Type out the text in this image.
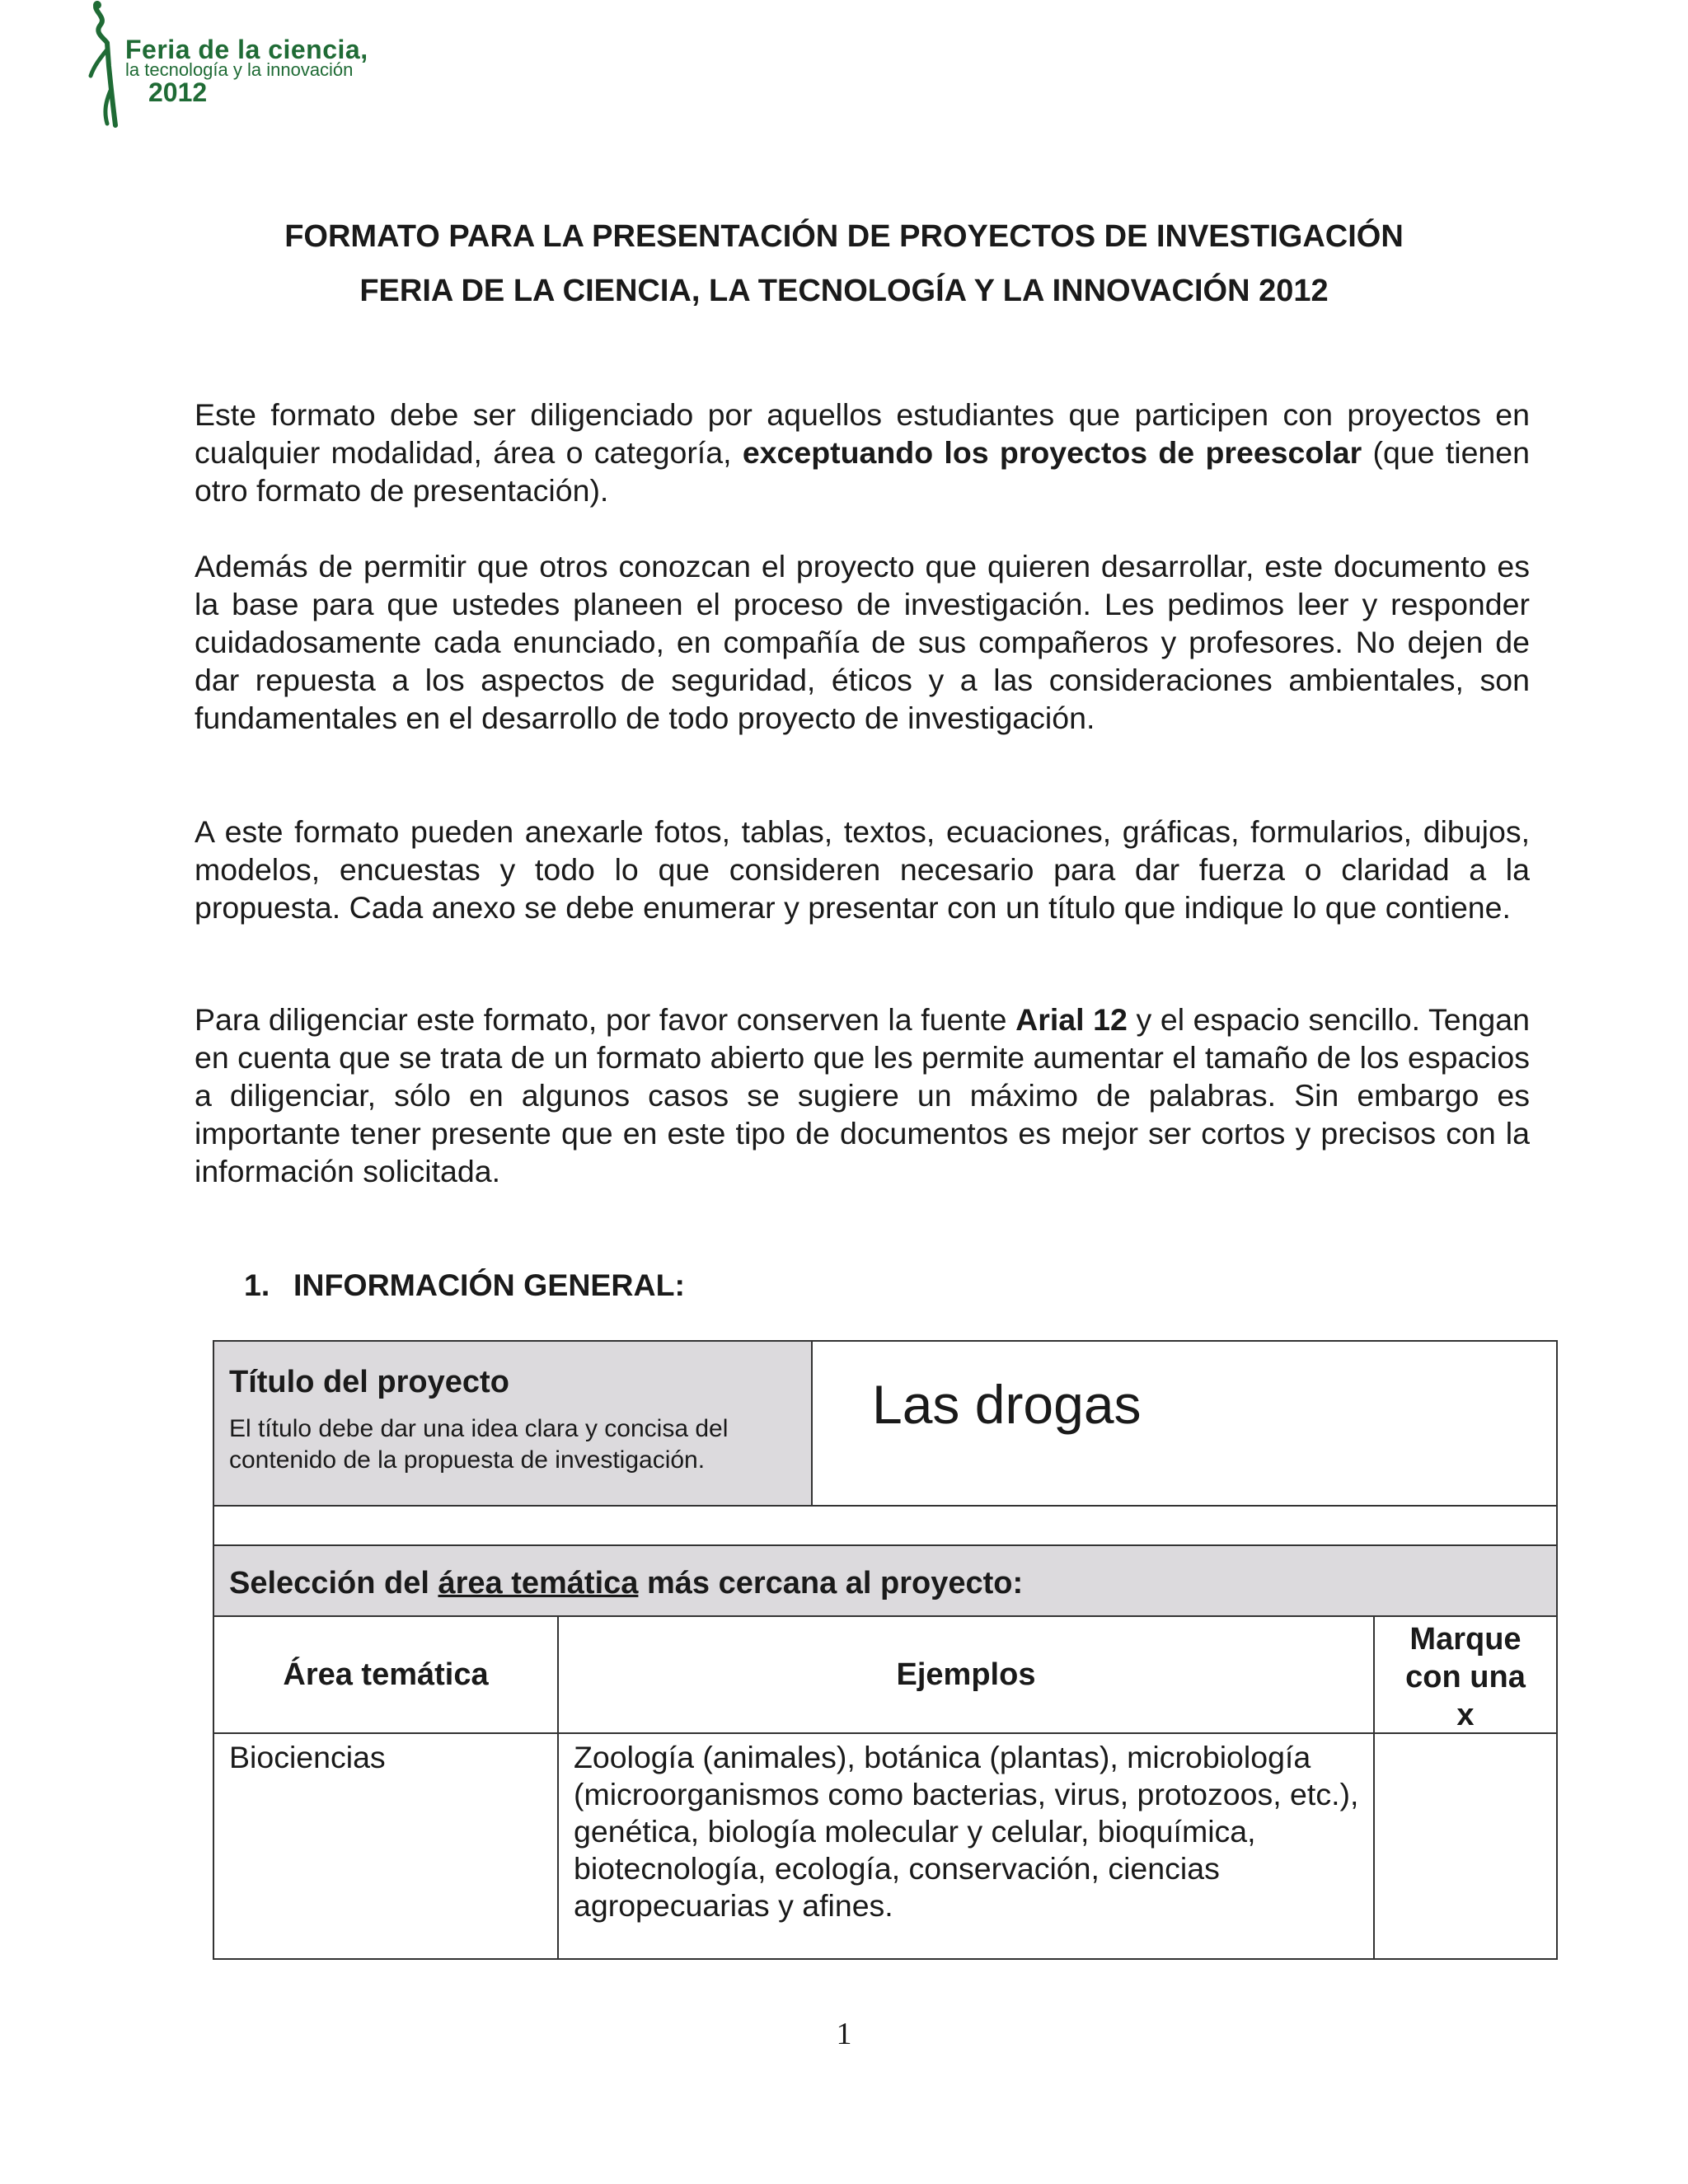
Feria de la ciencia,
la tecnología y la innovación
2012
FORMATO PARA LA PRESENTACIÓN DE PROYECTOS DE INVESTIGACIÓN
FERIA DE LA CIENCIA, LA TECNOLOGÍA Y LA INNOVACIÓN 2012
Este formato debe ser diligenciado por aquellos estudiantes que participen con proyectos en cualquier modalidad, área o categoría, exceptuando los proyectos de preescolar (que tienen otro formato de presentación).
Además de permitir que otros conozcan el proyecto que quieren desarrollar, este documento es la base para que ustedes planeen el proceso de investigación. Les pedimos leer y responder cuidadosamente cada enunciado, en compañía de sus compañeros y profesores. No dejen de dar repuesta a los aspectos de seguridad, éticos y a las consideraciones ambientales, son fundamentales en el desarrollo de todo proyecto de investigación.
A este formato pueden anexarle fotos, tablas, textos, ecuaciones, gráficas, formularios, dibujos, modelos, encuestas y todo lo que consideren necesario para dar fuerza o claridad a la propuesta. Cada anexo se debe enumerar y presentar con un título que indique lo que contiene.
Para diligenciar este formato, por favor conserven la fuente Arial 12 y el espacio sencillo. Tengan en cuenta que se trata de un formato abierto que les permite aumentar el tamaño de los espacios a diligenciar, sólo en algunos casos se sugiere un máximo de palabras. Sin embargo es importante tener presente que en este tipo de documentos es mejor ser cortos y precisos con la información solicitada.
1. INFORMACIÓN GENERAL:
Título del proyecto
El título debe dar una idea clara y concisa del contenido de la propuesta de investigación.
Las drogas
Selección del área temática más cercana al proyecto:
Área temática	Ejemplos
Marque
con una
x
Biociencias	Zoología (animales), botánica (plantas), microbiología (microorganismos como bacterias, virus, protozoos, etc.), genética, biología molecular y celular, bioquímica, biotecnología, ecología, conservación, ciencias agropecuarias y afines.
1
